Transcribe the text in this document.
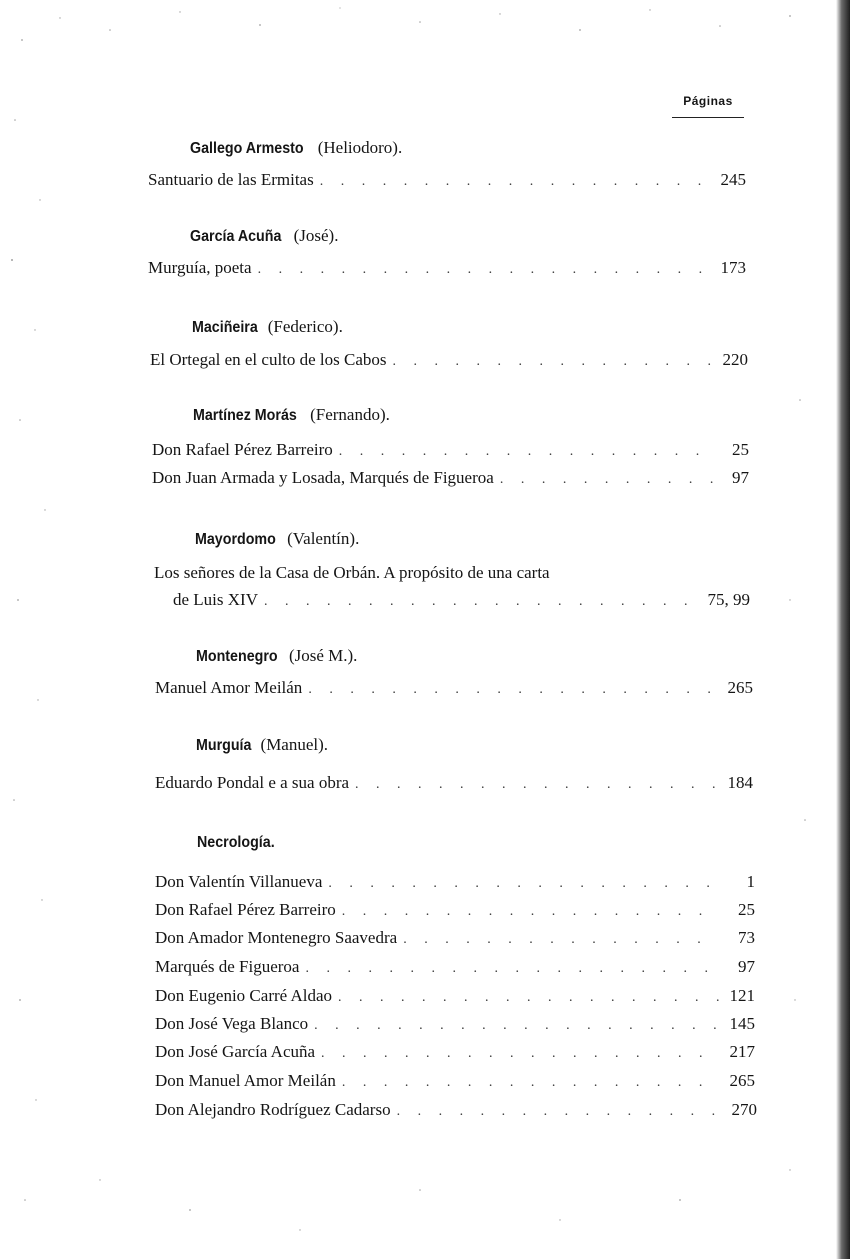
Páginas
Gallego Armesto (Heliodoro).
Santuario de las Ermitas . . .	245
García Acuña (José).
Murguía, poeta . . .	173
Maciñeira (Federico).
El Ortegal en el culto de los Cabos . . .	220
Martínez Morás (Fernando).
Don Rafael Pérez Barreiro . . .	25
Don Juan Armada y Losada, Marqués de Figueroa . . .	97
Mayordomo (Valentín).
Los señores de la Casa de Orbán. A propósito de una carta
de Luis XIV . . .	75, 99
Montenegro (José M.).
Manuel Amor Meilán . . .	265
Murguía (Manuel).
Eduardo Pondal e a sua obra . . .	184
Necrología.
Don Valentín Villanueva . . .	1
Don Rafael Pérez Barreiro . . .	25
Don Amador Montenegro Saavedra . . .	73
Marqués de Figueroa . . .	97
Don Eugenio Carré Aldao . . .	121
Don José Vega Blanco . . .	145
Don José García Acuña . . .	217
Don Manuel Amor Meilán . . .	265
Don Alejandro Rodríguez Cadarso . . .	270
